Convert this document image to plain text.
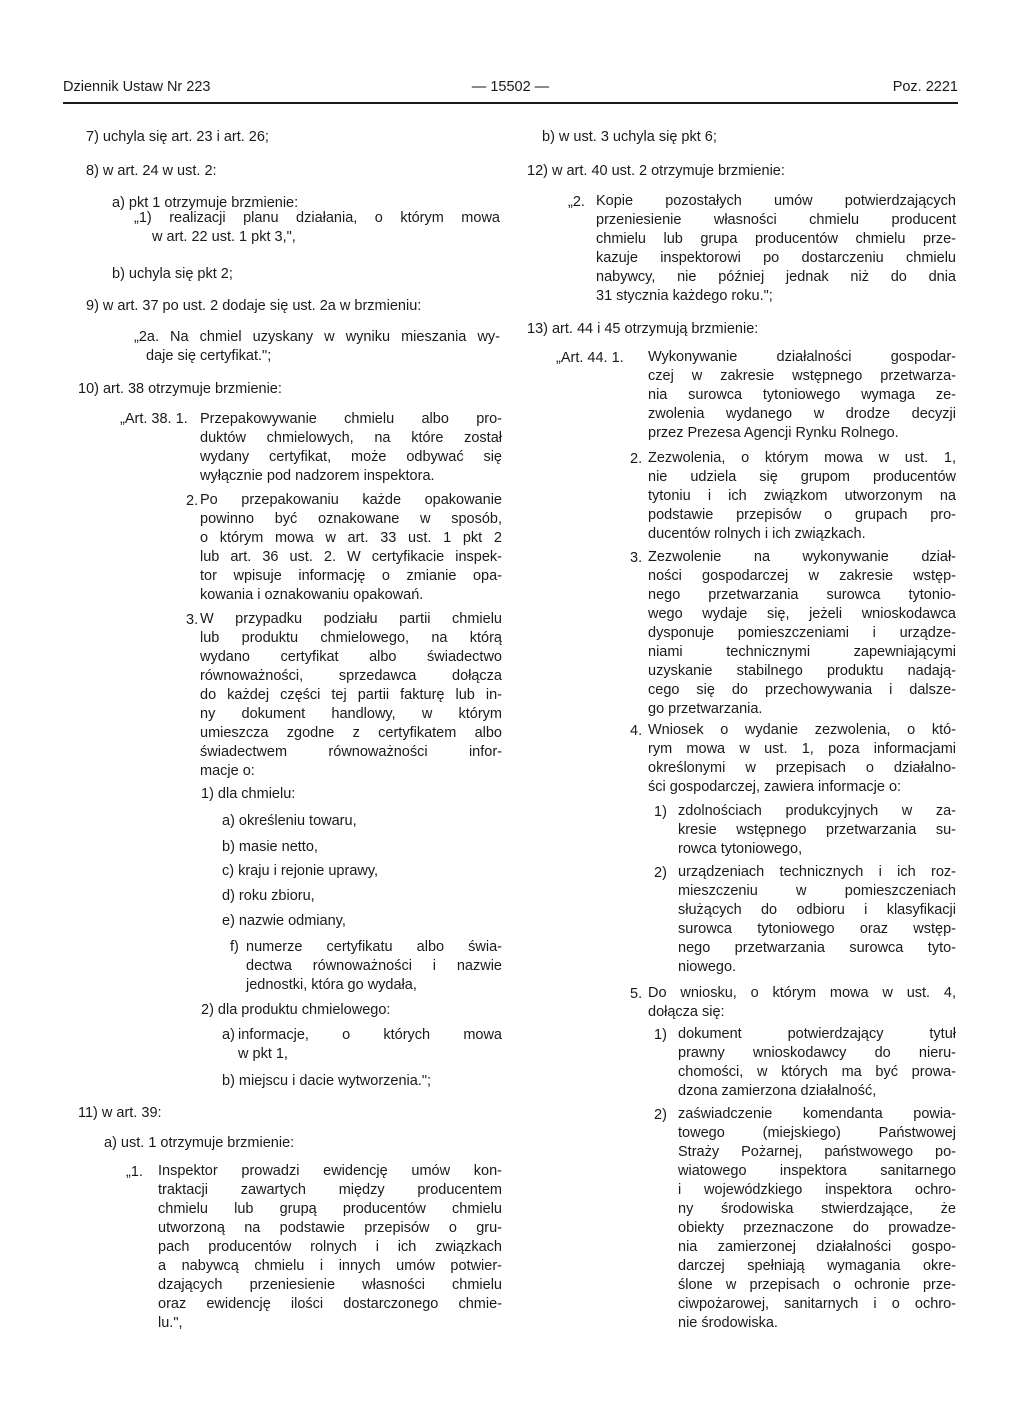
Dziennik Ustaw Nr 223	— 15502 —	Poz. 2221
7) uchyla się art. 23 i art. 26;
8) w art. 24 w ust. 2:
a) pkt 1 otrzymuje brzmienie:
„1) realizacji planu działania, o którym mowa
w art. 22 ust. 1 pkt 3,",
b) uchyla się pkt 2;
9) w art. 37 po ust. 2 dodaje się ust. 2a w brzmieniu:
„2a. Na chmiel uzyskany w wyniku mieszania wy-
daje się certyfikat.";
10) art. 38 otrzymuje brzmienie:
„Art. 38. 1. Przepakowywanie chmielu albo pro-
duktów chmielowych, na które został
wydany certyfikat, może odbywać się
wyłącznie pod nadzorem inspektora.
2. Po przepakowaniu każde opakowanie
powinno być oznakowane w sposób,
o którym mowa w art. 33 ust. 1 pkt 2
lub art. 36 ust. 2. W certyfikacie inspek-
tor wpisuje informację o zmianie opa-
kowania i oznakowaniu opakowań.
3. W przypadku podziału partii chmielu
lub produktu chmielowego, na którą
wydano certyfikat albo świadectwo
równoważności, sprzedawca dołącza
do każdej części tej partii fakturę lub in-
ny dokument handlowy, w którym
umieszcza zgodne z certyfikatem albo
świadectwem równoważności infor-
macje o:
1) dla chmielu:
a) określeniu towaru,
b) masie netto,
c) kraju i rejonie uprawy,
d) roku zbioru,
e) nazwie odmiany,
f) numerze certyfikatu albo świa-
dectwa równoważności i nazwie
jednostki, która go wydała,
2) dla produktu chmielowego:
a) informacje, o których mowa
w pkt 1,
b) miejscu i dacie wytworzenia.";
11) w art. 39:
a) ust. 1 otrzymuje brzmienie:
„1. Inspektor prowadzi ewidencję umów kon-
traktacji zawartych między producentem
chmielu lub grupą producentów chmielu
utworzoną na podstawie przepisów o gru-
pach producentów rolnych i ich związkach
a nabywcą chmielu i innych umów potwier-
dzających przeniesienie własności chmielu
oraz ewidencję ilości dostarczonego chmie-
lu.",
b) w ust. 3 uchyla się pkt 6;
12) w art. 40 ust. 2 otrzymuje brzmienie:
„2. Kopie pozostałych umów potwierdzających
przeniesienie własności chmielu producent
chmielu lub grupa producentów chmielu prze-
kazuje inspektorowi po dostarczeniu chmielu
nabywcy, nie później jednak niż do dnia
31 stycznia każdego roku.";
13) art. 44 i 45 otrzymują brzmienie:
„Art. 44. 1. Wykonywanie działalności gospodar-
czej w zakresie wstępnego przetwarza-
nia surowca tytoniowego wymaga ze-
zwolenia wydanego w drodze decyzji
przez Prezesa Agencji Rynku Rolnego.
2. Zezwolenia, o którym mowa w ust. 1,
nie udziela się grupom producentów
tytoniu i ich związkom utworzonym na
podstawie przepisów o grupach pro-
ducentów rolnych i ich związkach.
3. Zezwolenie na wykonywanie dział-
ności gospodarczej w zakresie wstęp-
nego przetwarzania surowca tytonio-
wego wydaje się, jeżeli wnioskodawca
dysponuje pomieszczeniami i urządze-
niami technicznymi zapewniającymi
uzyskanie stabilnego produktu nadają-
cego się do przechowywania i dalsze-
go przetwarzania.
4. Wniosek o wydanie zezwolenia, o któ-
rym mowa w ust. 1, poza informacjami
określonymi w przepisach o działalno-
ści gospodarczej, zawiera informacje o:
1) zdolnościach produkcyjnych w za-
kresie wstępnego przetwarzania su-
rowca tytoniowego,
2) urządzeniach technicznych i ich roz-
mieszczeniu w pomieszczeniach
służących do odbioru i klasyfikacji
surowca tytoniowego oraz wstęp-
nego przetwarzania surowca tyto-
niowego.
5. Do wniosku, o którym mowa w ust. 4,
dołącza się:
1) dokument potwierdzający tytuł
prawny wnioskodawcy do nieru-
chomości, w których ma być prowa-
dzona zamierzona działalność,
2) zaświadczenie komendanta powia-
towego (miejskiego) Państwowej
Straży Pożarnej, państwowego po-
wiatowego inspektora sanitarnego
i wojewódzkiego inspektora ochro-
ny środowiska stwierdzające, że
obiekty przeznaczone do prowadze-
nia zamierzonej działalności gospo-
darczej spełniają wymagania okre-
ślone w przepisach o ochronie prze-
ciwpożarowej, sanitarnych i o ochro-
nie środowiska.
